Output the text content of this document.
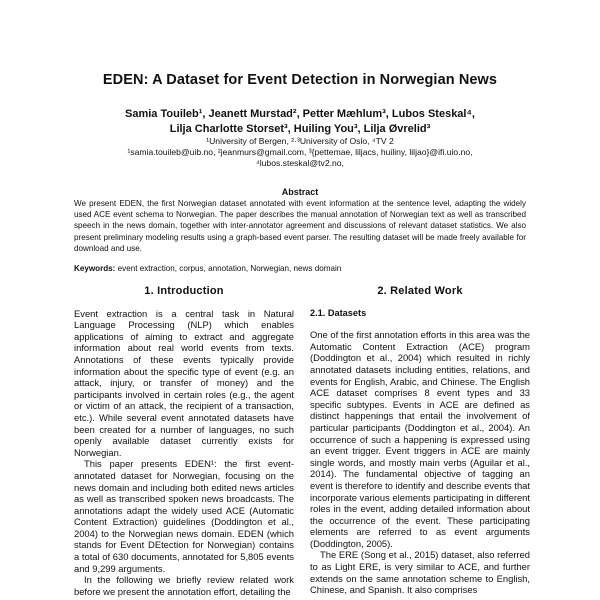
EDEN: A Dataset for Event Detection in Norwegian News
Samia Touileb¹, Jeanett Murstad², Petter Mæhlum³, Lubos Steskal⁴,
Lilja Charlotte Storset³, Huiling You³, Lilja Øvrelid³
¹University of Bergen, ²·³University of Oslo, ⁴TV 2
¹samia.touileb@uib.no, ²jeanmurs@gmail.com, ³{pettemae, liljacs, huiliny, liljao}@ifi.uio.no,
⁴lubos.steskal@tv2.no,
Abstract
We present EDEN, the first Norwegian dataset annotated with event information at the sentence level, adapting the widely used ACE event schema to Norwegian. The paper describes the manual annotation of Norwegian text as well as transcribed speech in the news domain, together with inter-annotator agreement and discussions of relevant dataset statistics. We also present preliminary modeling results using a graph-based event parser. The resulting dataset will be made freely available for download and use.
Keywords: event extraction, corpus, annotation, Norwegian, news domain
1. Introduction

Event extraction is a central task in Natural Language Processing (NLP) which enables applications of aiming to extract and aggregate information about real world events from texts. Annotations of these events typically provide information about the specific type of event (e.g. an attack, injury, or transfer of money) and the participants involved in certain roles (e.g., the agent or victim of an attack, the recipient of a transaction, etc.). While several event annotated datasets have been created for a number of languages, no such openly available dataset currently exists for Norwegian.

This paper presents EDEN¹: the first event-annotated dataset for Norwegian, focusing on the news domain and including both edited news articles as well as transcribed spoken news broadcasts. The annotations adapt the widely used ACE (Automatic Content Extraction) guidelines (Doddington et al., 2004) to the Norwegian news domain. EDEN (which stands for Event DEtection for Norwegian) contains a total of 630 documents, annotated for 5,805 events and 9,299 arguments.

In the following we briefly review related work before we present the annotation effort, detailing the

2. Related Work
2.1. Datasets

One of the first annotation efforts in this area was the Automatic Content Extraction (ACE) program (Doddington et al., 2004) which resulted in richly annotated datasets including entities, relations, and events for English, Arabic, and Chinese. The English ACE dataset comprises 8 event types and 33 specific subtypes. Events in ACE are defined as distinct happenings that entail the involvement of particular participants (Doddington et al., 2004). An occurrence of such a happening is expressed using an event trigger. Event triggers in ACE are mainly single words, and mostly main verbs (Aguilar et al., 2014). The fundamental objective of tagging an event is therefore to identify and describe events that incorporate various elements participating in different roles in the event, adding detailed information about the occurrence of the event. These participating elements are referred to as event arguments (Doddington, 2005).

The ERE (Song et al., 2015) dataset, also referred to as Light ERE, is very similar to ACE, and further extends on the same annotation scheme to English, Chinese, and Spanish. It also comprises
